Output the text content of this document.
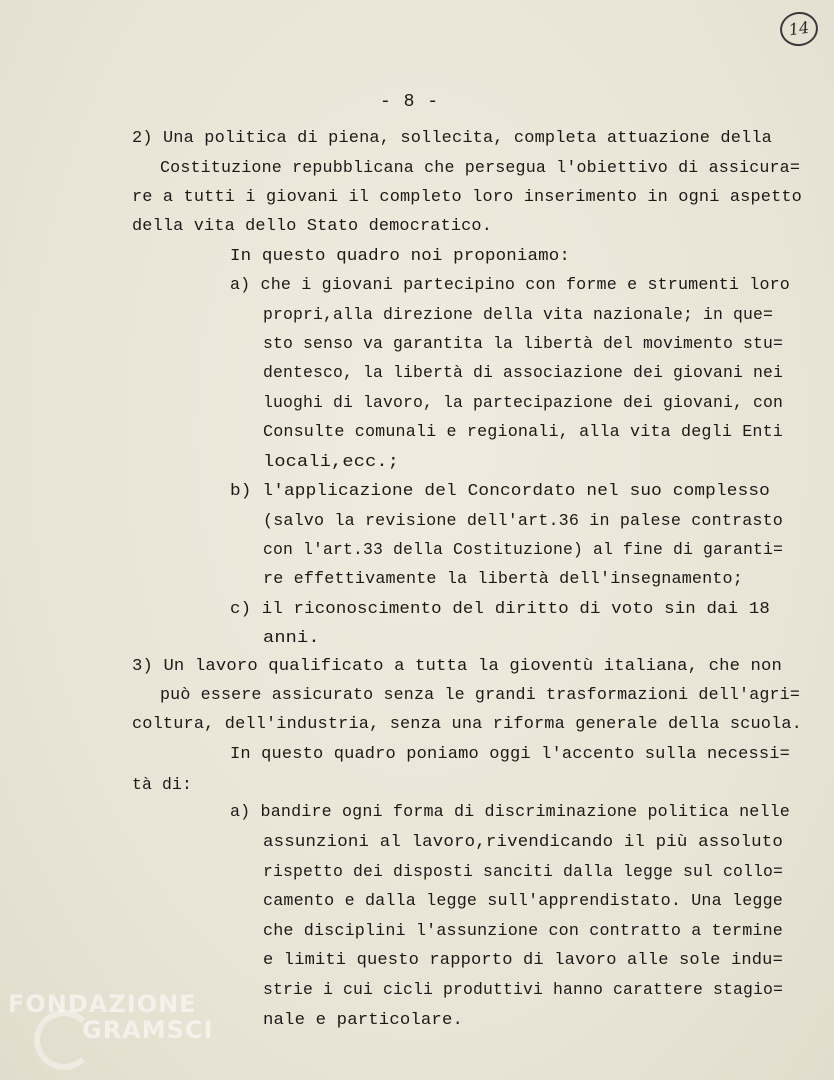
14
- 8 -
2) Una politica di piena, sollecita, completa attuazione della
Costituzione repubblicana che persegua l'obiettivo di assicura=
re a tutti i giovani il completo loro inserimento in ogni aspetto
della vita dello Stato democratico.
In questo quadro noi proponiamo:
a) che i giovani partecipino con forme e strumenti loro
propri,alla direzione della vita nazionale; in que=
sto senso va garantita la libertà del movimento stu=
dentesco, la libertà di associazione dei giovani nei
luoghi di lavoro, la partecipazione dei giovani, con
Consulte comunali e regionali, alla vita degli Enti
locali,ecc.;
b) l'applicazione del Concordato nel suo complesso
(salvo la revisione dell'art.36 in palese contrasto
con l'art.33 della Costituzione) al fine di garanti=
re effettivamente la libertà dell'insegnamento;
c) il riconoscimento del diritto di voto sin dai 18
anni.
3) Un lavoro qualificato a tutta la gioventù italiana, che non
può essere assicurato senza le grandi trasformazioni dell'agri=
coltura, dell'industria, senza una riforma generale della scuola.
In questo quadro poniamo oggi l'accento sulla necessi=
tà di:
a) bandire ogni forma di discriminazione politica nelle
assunzioni al lavoro,rivendicando il più assoluto
rispetto dei disposti sanciti dalla legge sul collo=
camento e dalla legge sull'apprendistato. Una legge
che disciplini l'assunzione con contratto a termine
e limiti questo rapporto di lavoro alle sole indu=
strie i cui cicli produttivi hanno carattere stagio=
nale e particolare.
FONDAZIONE
GRAMSCI
